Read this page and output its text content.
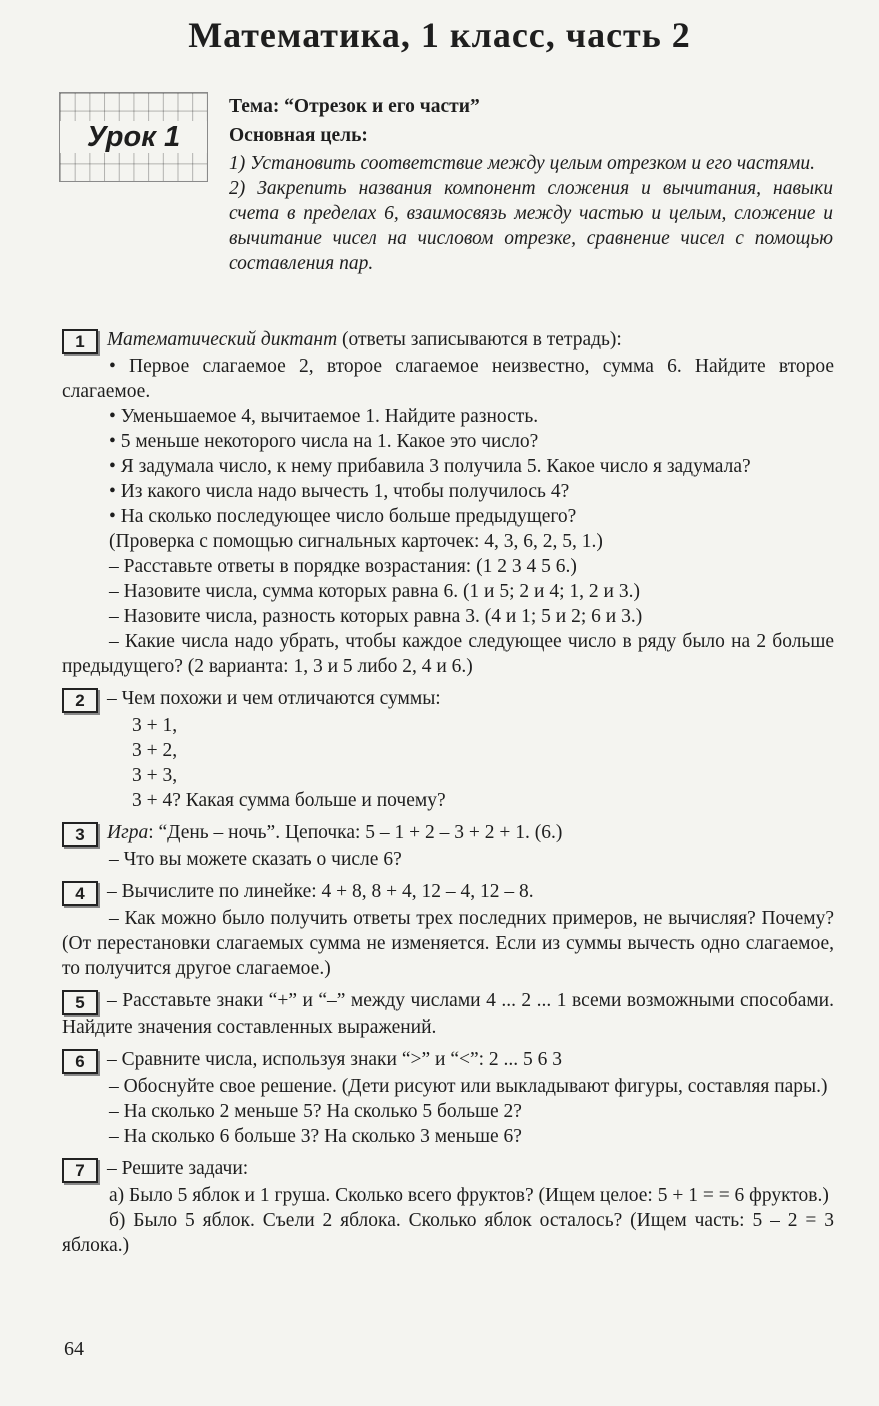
Математика, 1 класс, часть 2
Урок 1
Тема: “Отрезок и его части”
Основная цель:
1) Установить соответствие между целым отрезком и его частями.
2) Закрепить названия компонент сложения и вычитания, навыки счета в пределах 6, взаимосвязь между частью и целым, сложение и вычитание чисел на числовом отрезке, сравнение чисел с помощью составления пар.
1 Математический диктант (ответы записываются в тетрадь):
• Первое слагаемое 2, второе слагаемое неизвестно, сумма 6. Найдите второе слагаемое.
• Уменьшаемое 4, вычитаемое 1. Найдите разность.
• 5 меньше некоторого числа на 1. Какое это число?
• Я задумала число, к нему прибавила 3 получила 5. Какое число я задумала?
• Из какого числа надо вычесть 1, чтобы получилось 4?
• На сколько последующее число больше предыдущего?
(Проверка с помощью сигнальных карточек: 4, 3, 6, 2, 5, 1.)
– Расставьте ответы в порядке возрастания: (1 2 3 4 5 6.)
– Назовите числа, сумма которых равна 6. (1 и 5; 2 и 4; 1, 2 и 3.)
– Назовите числа, разность которых равна 3. (4 и 1; 5 и 2; 6 и 3.)
– Какие числа надо убрать, чтобы каждое следующее число в ряду было на 2 больше предыдущего? (2 варианта: 1, 3 и 5 либо 2, 4 и 6.)
2 – Чем похожи и чем отличаются суммы:
3 + 1,
3 + 2,
3 + 3,
3 + 4? Какая сумма больше и почему?
3 Игра: “День – ночь”. Цепочка: 5 – 1 + 2 – 3 + 2 + 1. (6.)
– Что вы можете сказать о числе 6?
4 – Вычислите по линейке: 4 + 8, 8 + 4, 12 – 4, 12 – 8.
– Как можно было получить ответы трех последних примеров, не вычисляя? Почему? (От перестановки слагаемых сумма не изменяется. Если из суммы вычесть одно слагаемое, то получится другое слагаемое.)
5 – Расставьте знаки “+” и “–” между числами 4 ... 2 ... 1 всеми возможными способами. Найдите значения составленных выражений.
6 – Сравните числа, используя знаки “>” и “<”: 2 ... 5 6 3
– Обоснуйте свое решение. (Дети рисуют или выкладывают фигуры, составляя пары.)
– На сколько 2 меньше 5? На сколько 5 больше 2?
– На сколько 6 больше 3? На сколько 3 меньше 6?
7 – Решите задачи:
а) Было 5 яблок и 1 груша. Сколько всего фруктов? (Ищем целое: 5 + 1 = = 6 фруктов.)
б) Было 5 яблок. Съели 2 яблока. Сколько яблок осталось? (Ищем часть: 5 – 2 = 3 яблока.)
64
